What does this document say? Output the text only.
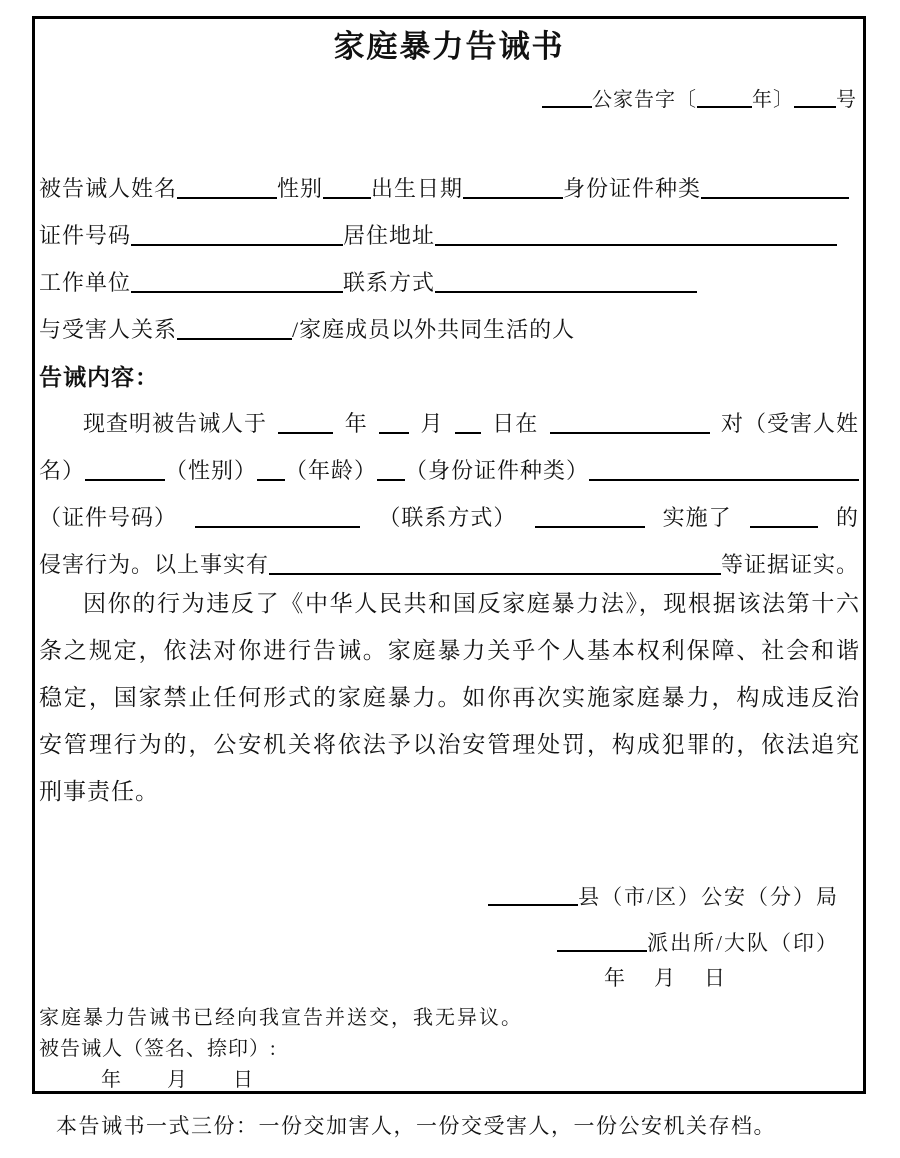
家庭暴力告诫书
公家告字 〔	年 〕 号
被告诫人姓名	性别 出生日期	身份证件种类
证件号码	居住地址
工作单位	联系方式
与受害人关系	/家庭成员以外共同生活的人
告诫内容：
现查明被告诫人于	年 月 日在	对（受害人姓
名）	（性别） （年龄） （身份证件种类）
（证件号码）	（联系方式）	实施了	的
侵害行为。以上事实有	等证据证实。
因你的行为违反了《中华人民共和国反家庭暴力法》，现根据该法第十六
条之规定，依法对你进行告诫。家庭暴力关乎个人基本权利保障、社会和谐
稳定，国家禁止任何形式的家庭暴力。如你再次实施家庭暴力，构成违反治
安管理行为的，公安机关将依法予以治安管理处罚，构成犯罪的，依法追究
刑事责任。
县（市/区）公安（分）局
派出所/大队（印）
年　月　日
家庭暴力告诫书已经向我宣告并送交，我无异议。
被告诫人（签名、捺印）:
年　　月　　日
本告诫书一式三份：一份交加害人，一份交受害人，一份公安机关存档。
